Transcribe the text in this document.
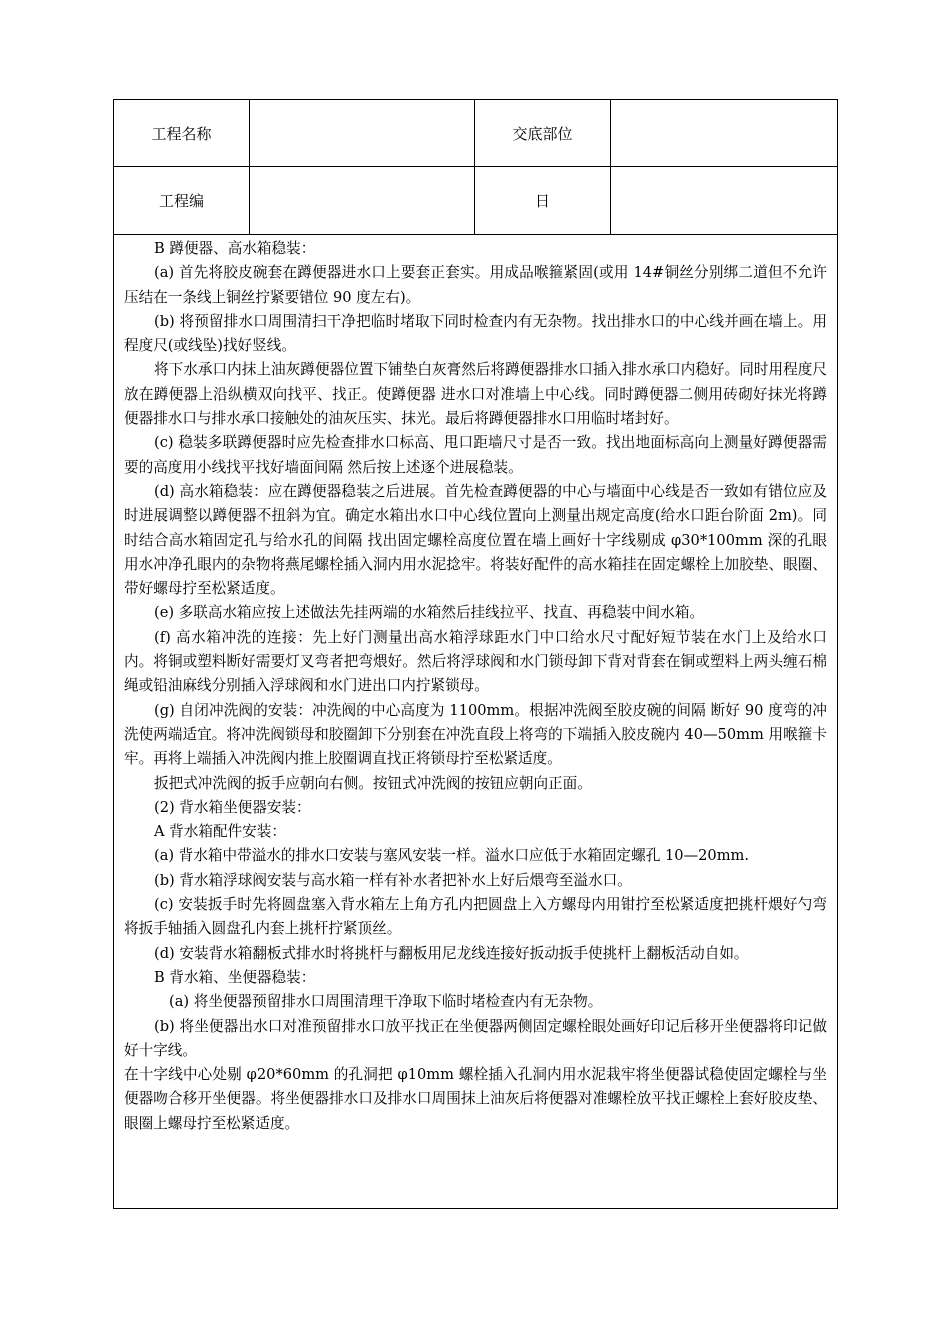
工程名称	交底部位
工程编	日

B 蹲便器、高水箱稳装：

(a) 首先将胶皮碗套在蹲便器进水口上要套正套实。用成品喉箍紧固(或用 14#铜丝分别绑二道但不允许压结在一条线上铜丝拧紧要错位 90 度左右)。

(b) 将预留排水口周围清扫干净把临时堵取下同时检查内有无杂物。找出排水口的中心线并画在墙上。用程度尺(或线坠)找好竖线。

将下水承口内抹上油灰蹲便器位置下铺垫白灰膏然后将蹲便器排水口插入排水承口内稳好。同时用程度尺放在蹲便器上沿纵横双向找平、找正。使蹲便器 进水口对准墙上中心线。同时蹲便器二侧用砖砌好抹光将蹲便器排水口与排水承口接触处的油灰压实、抹光。最后将蹲便器排水口用临时堵封好。

(c) 稳装多联蹲便器时应先检查排水口标高、甩口距墙尺寸是否一致。找出地面标高向上测量好蹲便器需要的高度用小线找平找好墙面间隔 然后按上述逐个进展稳装。

(d) 高水箱稳装：应在蹲便器稳装之后进展。首先检查蹲便器的中心与墙面中心线是否一致如有错位应及时进展调整以蹲便器不扭斜为宜。确定水箱出水口中心线位置向上测量出规定高度(给水口距台阶面 2m)。同时结合高水箱固定孔与给水孔的间隔 找出固定螺栓高度位置在墙上画好十字线剔成 φ30*100mm 深的孔眼用水冲净孔眼内的杂物将燕尾螺栓插入洞内用水泥捻牢。将装好配件的高水箱挂在固定螺栓上加胶垫、眼圈、带好螺母拧至松紧适度。

(e) 多联高水箱应按上述做法先挂两端的水箱然后挂线拉平、找直、再稳装中间水箱。

(f) 高水箱冲洗的连接：先上好门测量出高水箱浮球距水门中口给水尺寸配好短节装在水门上及给水口内。将铜或塑料断好需要灯叉弯者把弯煨好。然后将浮球阀和水门锁母卸下背对背套在铜或塑料上两头缠石棉绳或铅油麻线分别插入浮球阀和水门进出口内拧紧锁母。

(g) 自闭冲洗阀的安装：冲洗阀的中心高度为 1100mm。根据冲洗阀至胶皮碗的间隔 断好 90 度弯的冲洗使两端适宜。将冲洗阀锁母和胶圈卸下分别套在冲洗直段上将弯的下端插入胶皮碗内 40—50mm 用喉箍卡牢。再将上端插入冲洗阀内推上胶圈调直找正将锁母拧至松紧适度。

扳把式冲洗阀的扳手应朝向右侧。按钮式冲洗阀的按钮应朝向正面。

(2) 背水箱坐便器安装：

A 背水箱配件安装：

(a) 背水箱中带溢水的排水口安装与塞风安装一样。溢水口应低于水箱固定螺孔 10—20mm.

(b) 背水箱浮球阀安装与高水箱一样有补水者把补水上好后煨弯至溢水口。

(c) 安装扳手时先将圆盘塞入背水箱左上角方孔内把圆盘上入方螺母内用钳拧至松紧适度把挑杆煨好勺弯将扳手轴插入圆盘孔内套上挑杆拧紧顶丝。

(d) 安装背水箱翻板式排水时将挑杆与翻板用尼龙线连接好扳动扳手使挑杆上翻板活动自如。

B 背水箱、坐便器稳装：

(a) 将坐便器预留排水口周围清理干净取下临时堵检查内有无杂物。

(b) 将坐便器出水口对准预留排水口放平找正在坐便器两侧固定螺栓眼处画好印记后移开坐便器将印记做好十字线。

在十字线中心处剔 φ20*60mm 的孔洞把 φ10mm 螺栓插入孔洞内用水泥栽牢将坐便器试稳使固定螺栓与坐便器吻合移开坐便器。将坐便器排水口及排水口周围抹上油灰后将便器对准螺栓放平找正螺栓上套好胶皮垫、眼圈上螺母拧至松紧适度。
